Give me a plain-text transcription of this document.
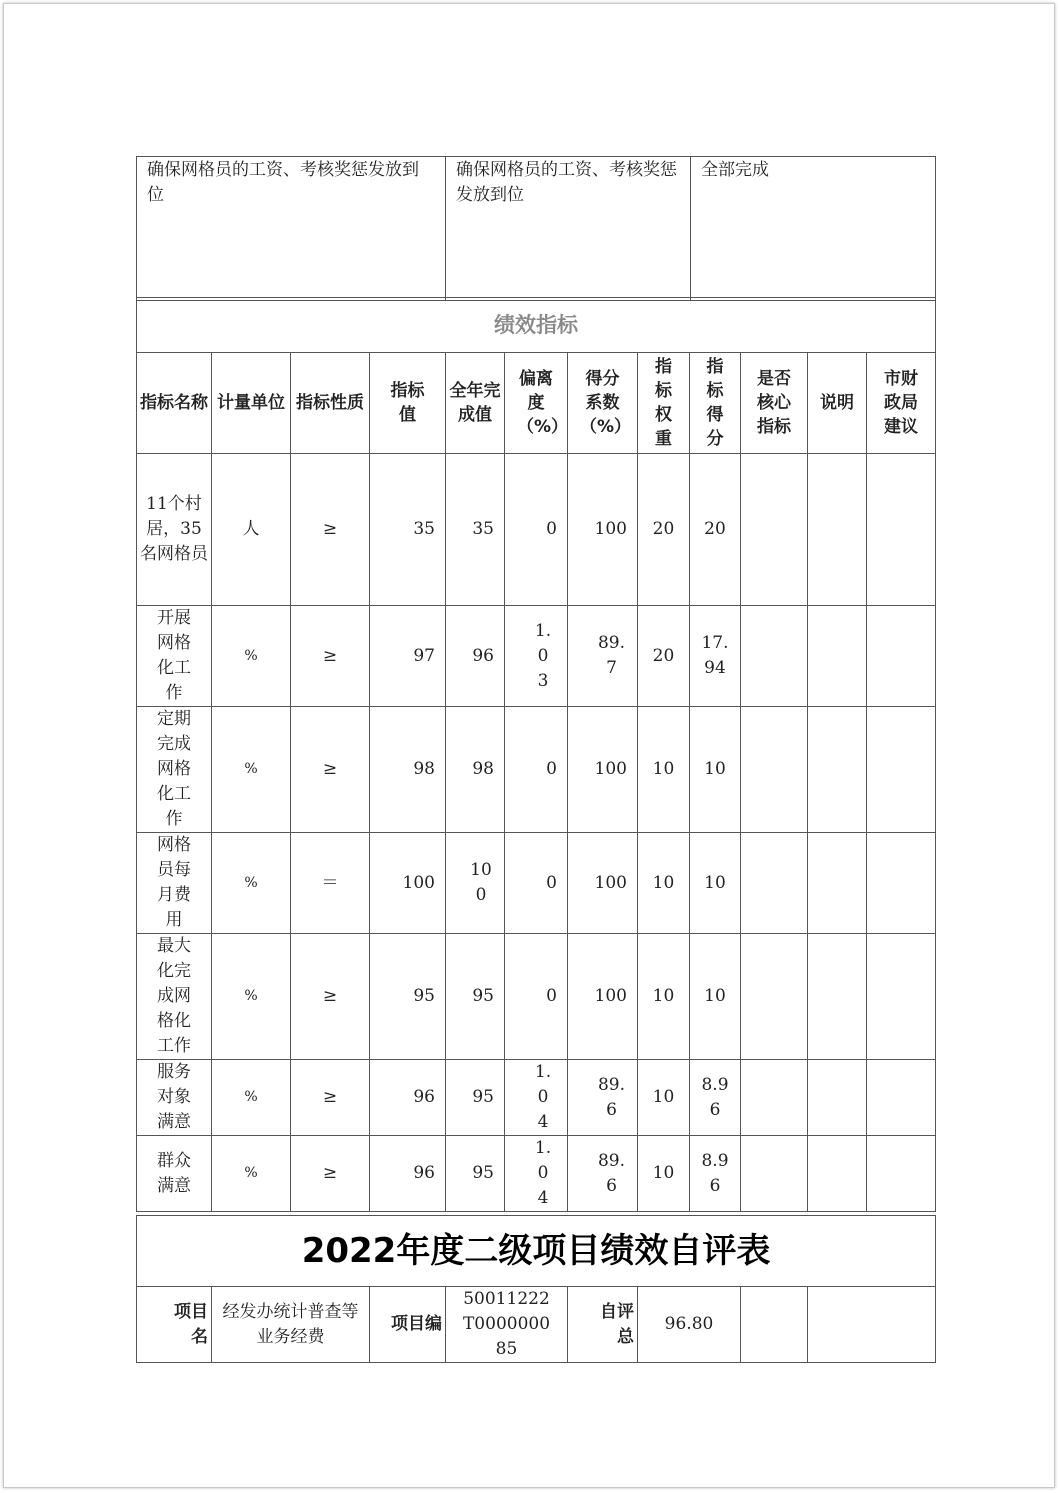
确保网格员的工资、考核奖惩发放到位	确保网格员的工资、考核奖惩发放到位	全部完成
绩效指标											
指标名称	计量单位	指标性质	指标值	全年完成值	偏离度（%）	得分系数（%）	指标权重	指标得分	是否核心指标	说明	市财政局建议
11个村居，35名网格员	人	≥	35	35	0	100	20	20			
开展网格化工作	%	≥	97	96	1.03	89.7	20	17.94			
定期完成网格化工作	%	≥	98	98	0	100	10	10			
网格员每月费用	%	＝	100	100	0	100	10	10			
最大化完成网格化工作	%	≥	95	95	0	100	10	10			
服务对象满意	%	≥	96	95	1.04	89.6	10	8.96			
群众满意	%	≥	96	95	1.04	89.6	10	8.96			
2022年度二级项目绩效自评表
项目名	经发办统计普查等业务经费	项目编	50011222T000000085	自评总	96.80		
